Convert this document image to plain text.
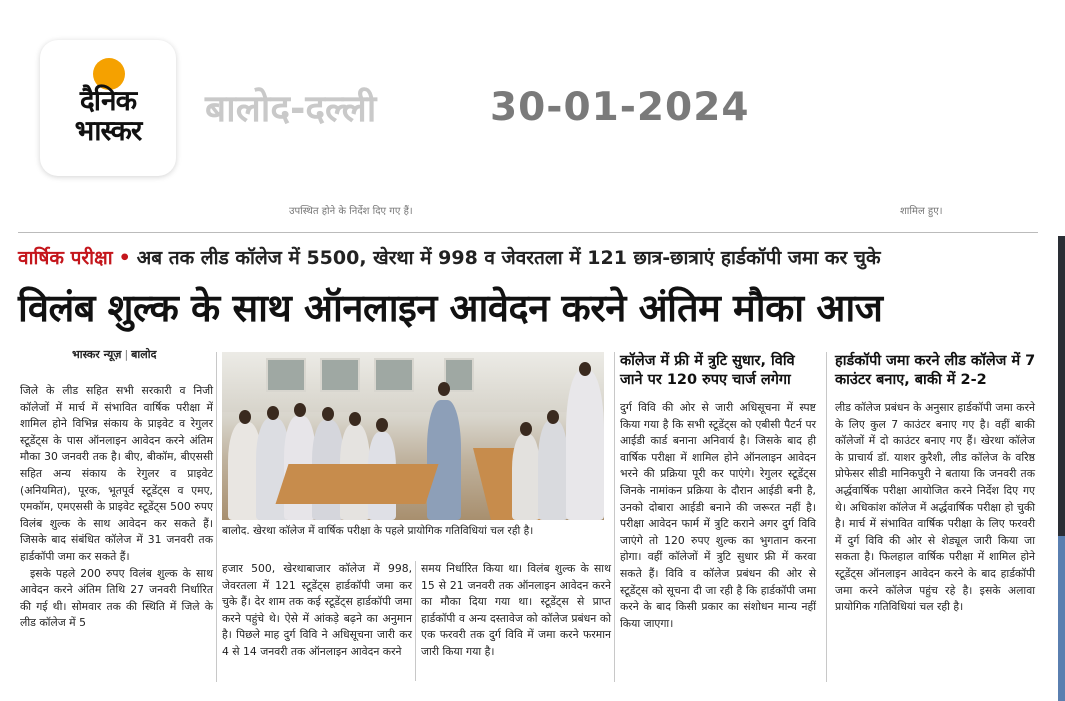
दैनिक
भास्कर
बालोद-दल्ली	30-01-2024
उपस्थित होने के निर्देश दिए गए हैं।	शामिल हुए।
वार्षिक परीक्षा • अब तक लीड कॉलेज में 5500, खेरथा में 998 व जेवरतला में 121 छात्र-छात्राएं हार्डकॉपी जमा कर चुके
विलंब शुल्क के साथ ऑनलाइन आवेदन करने अंतिम मौका आज
भास्कर न्यूज़ | बालोद

जिले के लीड सहित सभी सरकारी व निजी कॉलेजों में मार्च में संभावित वार्षिक परीक्षा में शामिल होने विभिन्न संकाय के प्राइवेट व रेगुलर स्टूडेंट्स के पास ऑनलाइन आवेदन करने अंतिम मौका 30 जनवरी तक है। बीए, बीकॉम, बीएससी सहित अन्य संकाय के रेगुलर व प्राइवेट (अनियमित), पूरक, भूतपूर्व स्टूडेंट्स व एमए, एमकॉम, एमएससी के प्राइवेट स्टूडेंट्स 500 रुपए विलंब शुल्क के साथ आवेदन कर सकते हैं। जिसके बाद संबंधित कॉलेज में 31 जनवरी तक हार्डकॉपी जमा कर सकते हैं।

इसके पहले 200 रुपए विलंब शुल्क के साथ आवेदन करने अंतिम तिथि 27 जनवरी निर्धारित की गई थी। सोमवार तक की स्थिति में जिले के लीड कॉलेज में 5

बालोद. खेरथा कॉलेज में वार्षिक परीक्षा के पहले प्रायोगिक गतिविधियां चल रही है।

हजार 500, खेरथाबाजार कॉलेज में 998, जेवरतला में 121 स्टूडेंट्स हार्डकॉपी जमा कर चुके हैं। देर शाम तक कई स्टूडेंट्स हार्डकॉपी जमा करने पहुंचे थे। ऐसे में आंकड़े बढ़ने का अनुमान है। पिछले माह दुर्ग विवि ने अधिसूचना जारी कर 4 से 14 जनवरी तक ऑनलाइन आवेदन करने

समय निर्धारित किया था। विलंब शुल्क के साथ 15 से 21 जनवरी तक ऑनलाइन आवेदन करने का मौका दिया गया था। स्टूडेंट्स से प्राप्त हार्डकॉपी व अन्य दस्तावेज को कॉलेज प्रबंधन को एक फरवरी तक दुर्ग विवि में जमा करने फरमान जारी किया गया है।

कॉलेज में फ्री में त्रुटि सुधार, विवि जाने पर 120 रुपए चार्ज लगेगा

दुर्ग विवि की ओर से जारी अधिसूचना में स्पष्ट किया गया है कि सभी स्टूडेंट्स को एबीसी पैटर्न पर आईडी कार्ड बनाना अनिवार्य है। जिसके बाद ही वार्षिक परीक्षा में शामिल होने ऑनलाइन आवेदन भरने की प्रक्रिया पूरी कर पाएंगे। रेगुलर स्टूडेंट्स जिनके नामांकन प्रक्रिया के दौरान आईडी बनी है, उनको दोबारा आईडी बनाने की जरूरत नहीं है। परीक्षा आवेदन फार्म में त्रुटि कराने अगर दुर्ग विवि जाएंगे तो 120 रुपए शुल्क का भुगतान करना होगा। वहीं कॉलेजों में त्रुटि सुधार फ्री में करवा सकते हैं। विवि व कॉलेज प्रबंधन की ओर से स्टूडेंट्स को सूचना दी जा रही है कि हार्डकॉपी जमा करने के बाद किसी प्रकार का संशोधन मान्य नहीं किया जाएगा।

हार्डकॉपी जमा करने लीड कॉलेज में 7 काउंटर बनाए, बाकी में 2-2

लीड कॉलेज प्रबंधन के अनुसार हार्डकॉपी जमा करने के लिए कुल 7 काउंटर बनाए गए है। वहीं बाकी कॉलेजों में दो काउंटर बनाए गए हैं। खेरथा कॉलेज के प्राचार्य डॉ. याशर कुरैशी, लीड कॉलेज के वरिष्ठ प्रोफेसर सीडी मानिकपुरी ने बताया कि जनवरी तक अर्द्धवार्षिक परीक्षा आयोजित करने निर्देश दिए गए थे। अधिकांश कॉलेज में अर्द्धवार्षिक परीक्षा हो चुकी है। मार्च में संभावित वार्षिक परीक्षा के लिए फरवरी में दुर्ग विवि की ओर से शेड्यूल जारी किया जा सकता है। फिलहाल वार्षिक परीक्षा में शामिल होने स्टूडेंट्स ऑनलाइन आवेदन करने के बाद हार्डकॉपी जमा करने कॉलेज पहुंच रहे है। इसके अलावा प्रायोगिक गतिविधियां चल रही है।
